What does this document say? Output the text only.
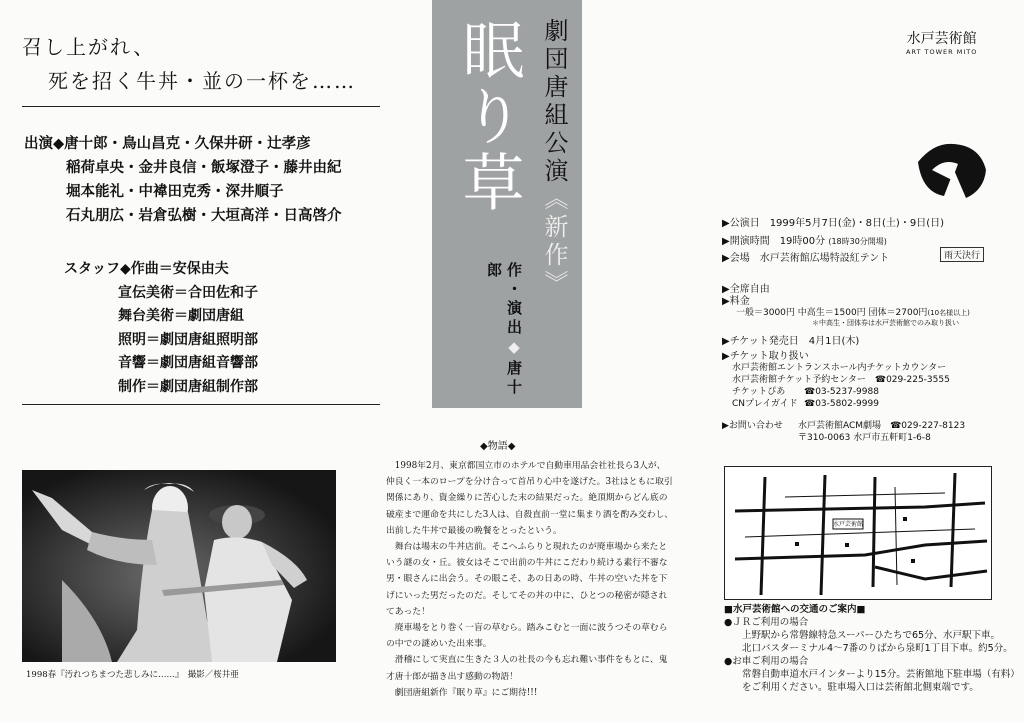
召し上がれ、
死を招く牛丼・並の一杯を……
出演◆唐十郎・鳥山昌克・久保井研・辻孝彦
稲荷卓央・金井良信・飯塚澄子・藤井由紀
堀本能礼・中褘田克秀・深井順子
石丸朋広・岩倉弘樹・大垣高洋・日高啓介
スタッフ◆作曲＝安保由夫
宣伝美術＝合田佐和子
舞台美術＝劇団唐組
照明＝劇団唐組照明部
音響＝劇団唐組音響部
制作＝劇団唐組制作部
1998春『汚れつちまつた悲しみに……』　撮影／桜井亜
劇団唐組公演《新作》
眠り草
作・演出◆唐十郎
◆物語◆

1998年2月、東京都国立市のホテルで自動車用品会社社長ら3人が、仲良く一本のロープを分け合って首吊り心中を遂げた。3社はともに取引関係にあり、資金繰りに苦心した末の結果だった。絶頂期からどん底の破産まで運命を共にした3人は、自殺直前一堂に集まり酒を酌み交わし、出前した牛丼で最後の晩餐をとったという。

舞台は場末の牛丼店前。そこへふらりと現れたのが廃車場から来たという謎の女・丘。彼女はそこで出前の牛丼にこだわり続ける素行不審な男・眼さんに出会う。その眼こそ、あの日あの時、牛丼の空いた丼を下げにいった男だったのだ。そしてその丼の中に、ひとつの秘密が隠されてあった！

廃車場をとり巻く一盲の草むら。踏みこむと一面に波うつその草むらの中での謎めいた出来事。

滑稽にして実直に生きた３人の社長の今も忘れ難い事件をもとに、鬼才唐十郎が描き出す感動の物語！

劇団唐組新作『眠り草』にご期待!!!

水戸芸術館
ART TOWER MITO
▶公演日　1999年5月7日(金)・8日(土)・9日(日)
▶開演時間　19時00分 (18時30分開場)
▶会場　水戸芸術館広場特設紅テント	雨天決行
▶全席自由
▶料金
一般＝3000円 中高生＝1500円 団体＝2700円(10名様以上)
＊中高生・団体券は水戸芸術館でのみ取り扱い
▶チケット発売日　4月1日(木)
▶チケット取り扱い
水戸芸術館エントランスホール内チケットカウンター
水戸芸術館チケット予約センター　 ☎029-225-3555
チケットぴあ ☎03-5237-9988
CNプレイガイド ☎03-5802-9999
▶お問い合わせ 水戸芸術館ACM劇場　 ☎029-227-8123
〒310-0063 水戸市五軒町1-6-8
水戸芸術館
■水戸芸術館への交通のご案内■
●ＪＲご利用の場合
上野駅から常磐線特急スーパーひたちで65分、水戸駅下車。
北口バスターミナル4～7番のりばから泉町1丁目下車。約5分。
●お車ご利用の場合
常磐自動車道水戸インターより15分。芸術館地下駐車場（有料）
をご利用ください。駐車場入口は芸術館北側東端です。
